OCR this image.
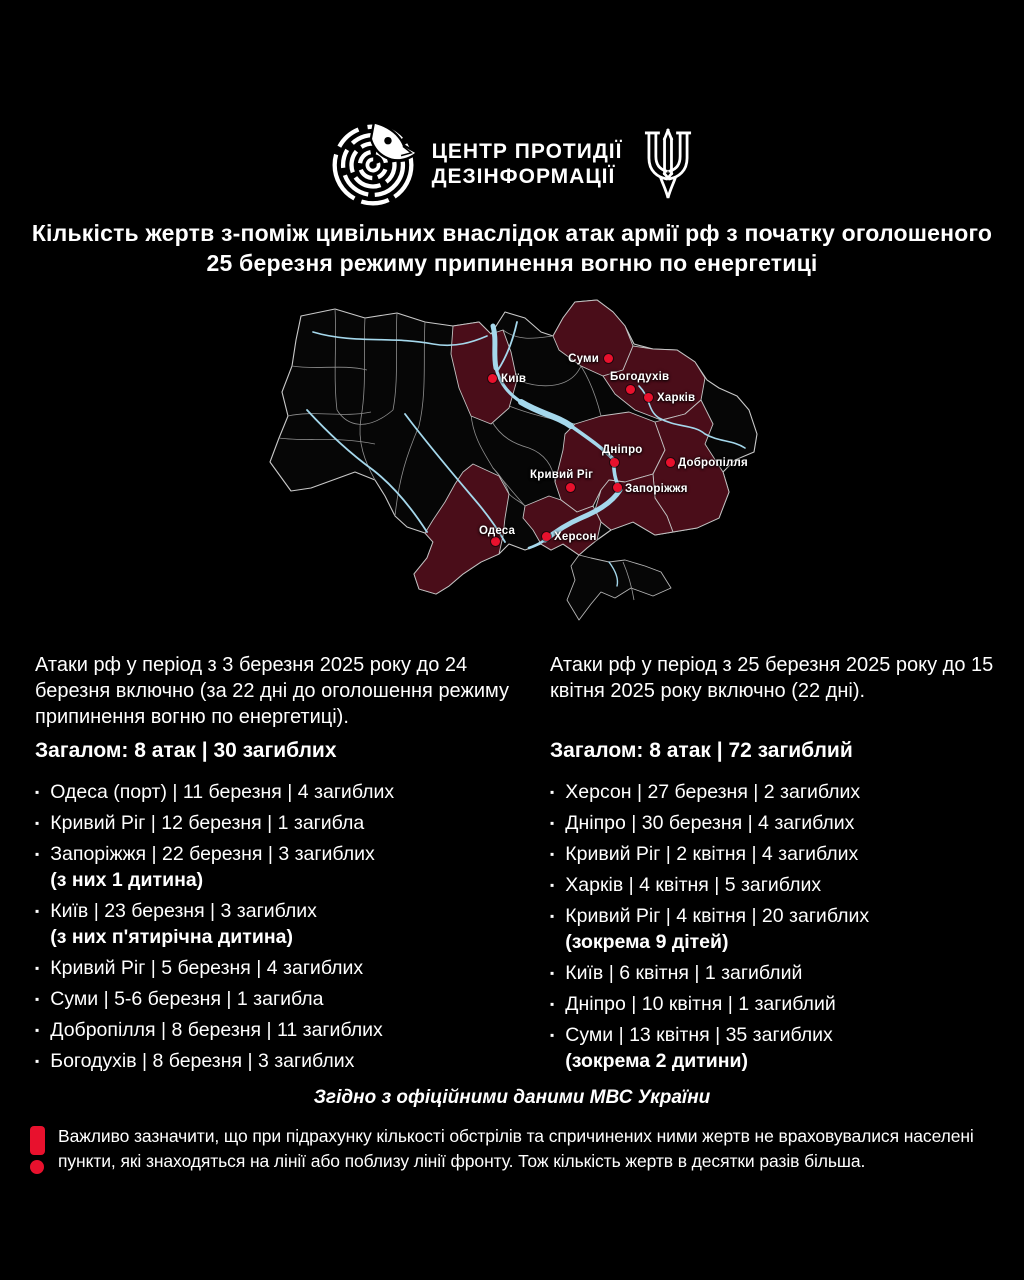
ЦЕНТР ПРОТИДІЇ
ДЕЗІНФОРМАЦІЇ
Кількість жертв з-поміж цивільних внаслідок атак армії рф з початку оголошеного 25 березня режиму припинення вогню по енергетиці
Київ
Суми
Богодухів
Харків
Дніпро
Добропілля
Кривий Ріг
Запоріжжя
Одеса	Херсон

Атаки рф у період з 3 березня 2025 року до 24 березня включно (за 22 дні до оголошення режиму припинення вогню по енергетиці).

Загалом: 8 атак | 30 загиблих

▪ Одеса (порт) | 11 березня | 4 загиблих
▪ Кривий Ріг | 12 березня | 1 загибла
▪ Запоріжжя | 22 березня | 3 загиблих
(з них 1 дитина)
▪ Київ | 23 березня | 3 загиблих
(з них п'ятирічна дитина)
▪ Кривий Ріг | 5 березня | 4 загиблих
▪ Суми | 5-6 березня | 1 загибла
▪ Добропілля | 8 березня | 11 загиблих
▪ Богодухів | 8 березня | 3 загиблих

Атаки рф у період з 25 березня 2025 року до 15 квітня 2025 року включно (22 дні).

Загалом: 8 атак | 72 загиблий

▪ Херсон | 27 березня | 2 загиблих
▪ Дніпро | 30 березня | 4 загиблих
▪ Кривий Ріг | 2 квітня | 4 загиблих
▪ Харків | 4 квітня | 5 загиблих
▪ Кривий Ріг | 4 квітня | 20 загиблих
(зокрема 9 дітей)
▪ Київ | 6 квітня | 1 загиблий
▪ Дніпро | 10 квітня | 1 загиблий
▪ Суми | 13 квітня | 35 загиблих
(зокрема 2 дитини)

Згідно з офіційними даними МВС України

Важливо зазначити, що при підрахунку кількості обстрілів та спричинених ними жертв не враховувалися населені пункти, які знаходяться на лінії або поблизу лінії фронту. Тож кількість жертв в десятки разів більша.
